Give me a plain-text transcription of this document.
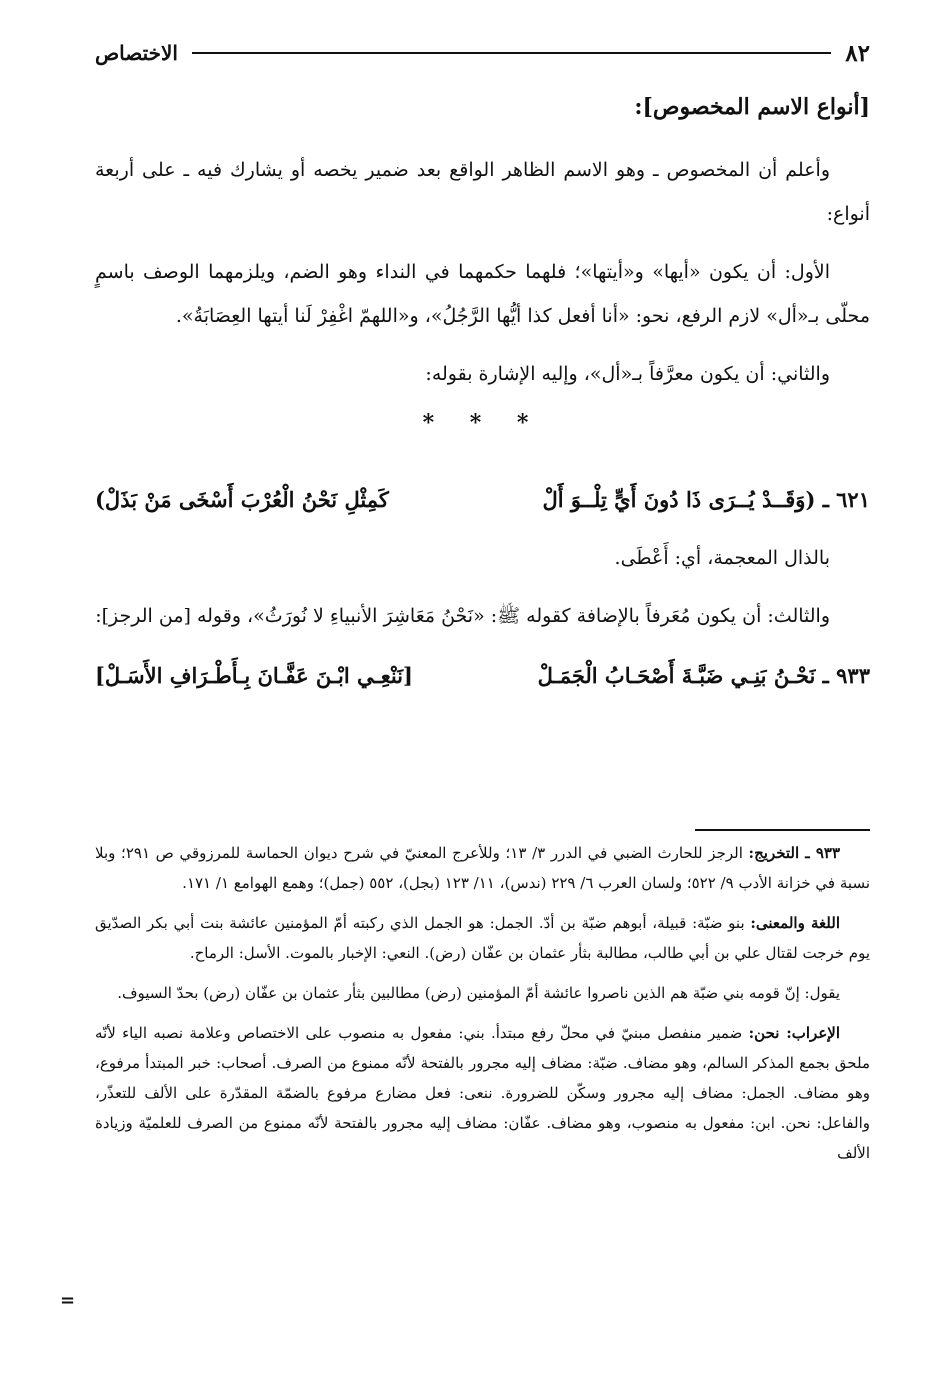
٨٢
الاختصاص
[أنواع الاسم المخصوص]:

وأعلم أن المخصوص ـ وهو الاسم الظاهر الواقع بعد ضمير يخصه أو يشارك فيه ـ على أربعة أنواع:

الأول: أن يكون «أيها» و«أيتها»؛ فلهما حكمهما في النداء وهو الضم، ويلزمهما الوصف باسمٍ محلّى بـ«أل» لازم الرفع، نحو: «أنا أفعل كذا أيُّها الرَّجُلُ»، و«اللهمّ اغْفِرْ لَنا أيتها العِصَابَةُ».

والثاني: أن يكون معرَّفاً بـ«أل»، وإليه الإشارة بقوله:

* * *
٦٢١ ـ (وَقَــدْ يُــرَى ذَا دُونَ أَيٍّ تِلْــوَ أَلْ
كَمِثْلِ نَحْنُ الْعُرْبَ أَسْخَى مَنْ بَذَلْ)

بالذال المعجمة، أي: أَعْطَى.

والثالث: أن يكون مُعَرفاً بالإضافة كقوله ﷺ: «نَحْنُ مَعَاشِرَ الأنبياءِ لا نُورَثُ»، وقوله [من الرجز]:

٩٣٣ ـ نَحْـنُ بَنِـي ضَبَّـةَ أَصْحَـابُ الْجَمَـلْ
[نَنْعِـي ابْـنَ عَفَّـانَ بِـأَطْـرَافِ الأَسَـلْ]

٩٣٣ ـ التخريج: الرجز للحارث الضبي في الدرر ٣/ ١٣؛ وللأعرج المعنيّ في شرح ديوان الحماسة للمرزوقي ص ٢٩١؛ وبلا نسبة في خزانة الأدب ٩/ ٥٢٢؛ ولسان العرب ٦/ ٢٢٩ (ندس)، ١١/ ١٢٣ (بجل)، ٥٥٢ (جمل)؛ وهمع الهوامع ١/ ١٧١.

اللغة والمعنى: بنو ضبّة: قبيلة، أبوهم ضبّة بن أدّ. الجمل: هو الجمل الذي ركبته أمّ المؤمنين عائشة بنت أبي بكر الصدّيق يوم خرجت لقتال علي بن أبي طالب، مطالبة بثأر عثمان بن عفّان (رض). النعي: الإخبار بالموت. الأسل: الرماح.

يقول: إنّ قومه بني ضبّة هم الذين ناصروا عائشة أمّ المؤمنين (رض) مطالبين بثأر عثمان بن عفّان (رض) بحدّ السيوف.

الإعراب: نحن: ضمير منفصل مبنيّ في محلّ رفع مبتدأ. بني: مفعول به منصوب على الاختصاص وعلامة نصبه الياء لأنّه ملحق بجمع المذكر السالم، وهو مضاف. ضبّة: مضاف إليه مجرور بالفتحة لأنّه ممنوع من الصرف. أصحاب: خبر المبتدأ مرفوع، وهو مضاف. الجمل: مضاف إليه مجرور وسكّن للضرورة. ننعى: فعل مضارع مرفوع بالضمّة المقدّرة على الألف للتعذّر، والفاعل: نحن. ابن: مفعول به منصوب، وهو مضاف. عفّان: مضاف إليه مجرور بالفتحة لأنّه ممنوع من الصرف للعلميّة وزيادة الألف

=
